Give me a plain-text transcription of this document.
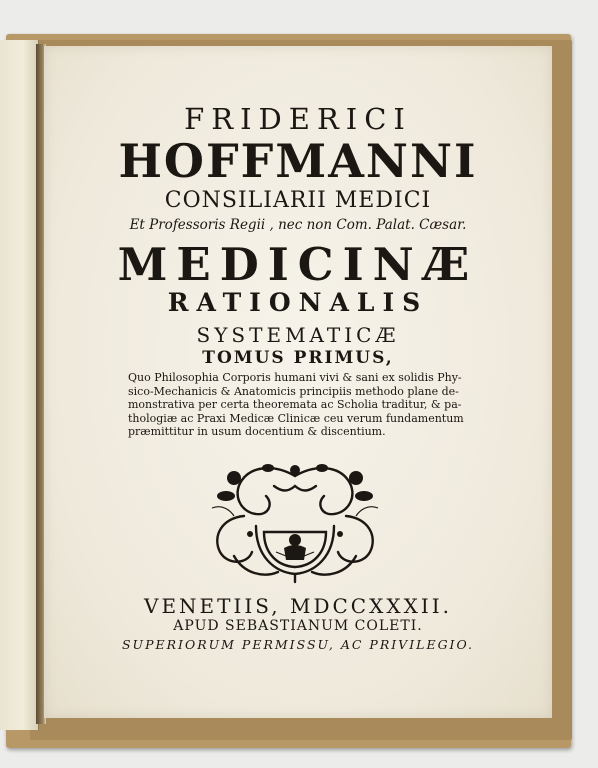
FRIDERICI
HOFFMANNI
CONSILIARII MEDICI
Et Professoris Regii , nec non Com. Palat. Cæsar.
MEDICINÆ
RATIONALIS
SYSTEMATICÆ
TOMUS PRIMUS,
Quo Philosophia Corporis humani vivi & sani ex solidis Phy-
sico-Mechanicis & Anatomicis principiis methodo plane de-
monstrativa per certa theoremata ac Scholia traditur, & pa-
thologiæ ac Praxi Medicæ Clinicæ ceu verum fundamentum
præmittitur in usum docentium & discentium.
VENETIIS, MDCCXXXII.
APUD SEBASTIANUM COLETI.
SUPERIORUM PERMISSU, AC PRIVILEGIO.
